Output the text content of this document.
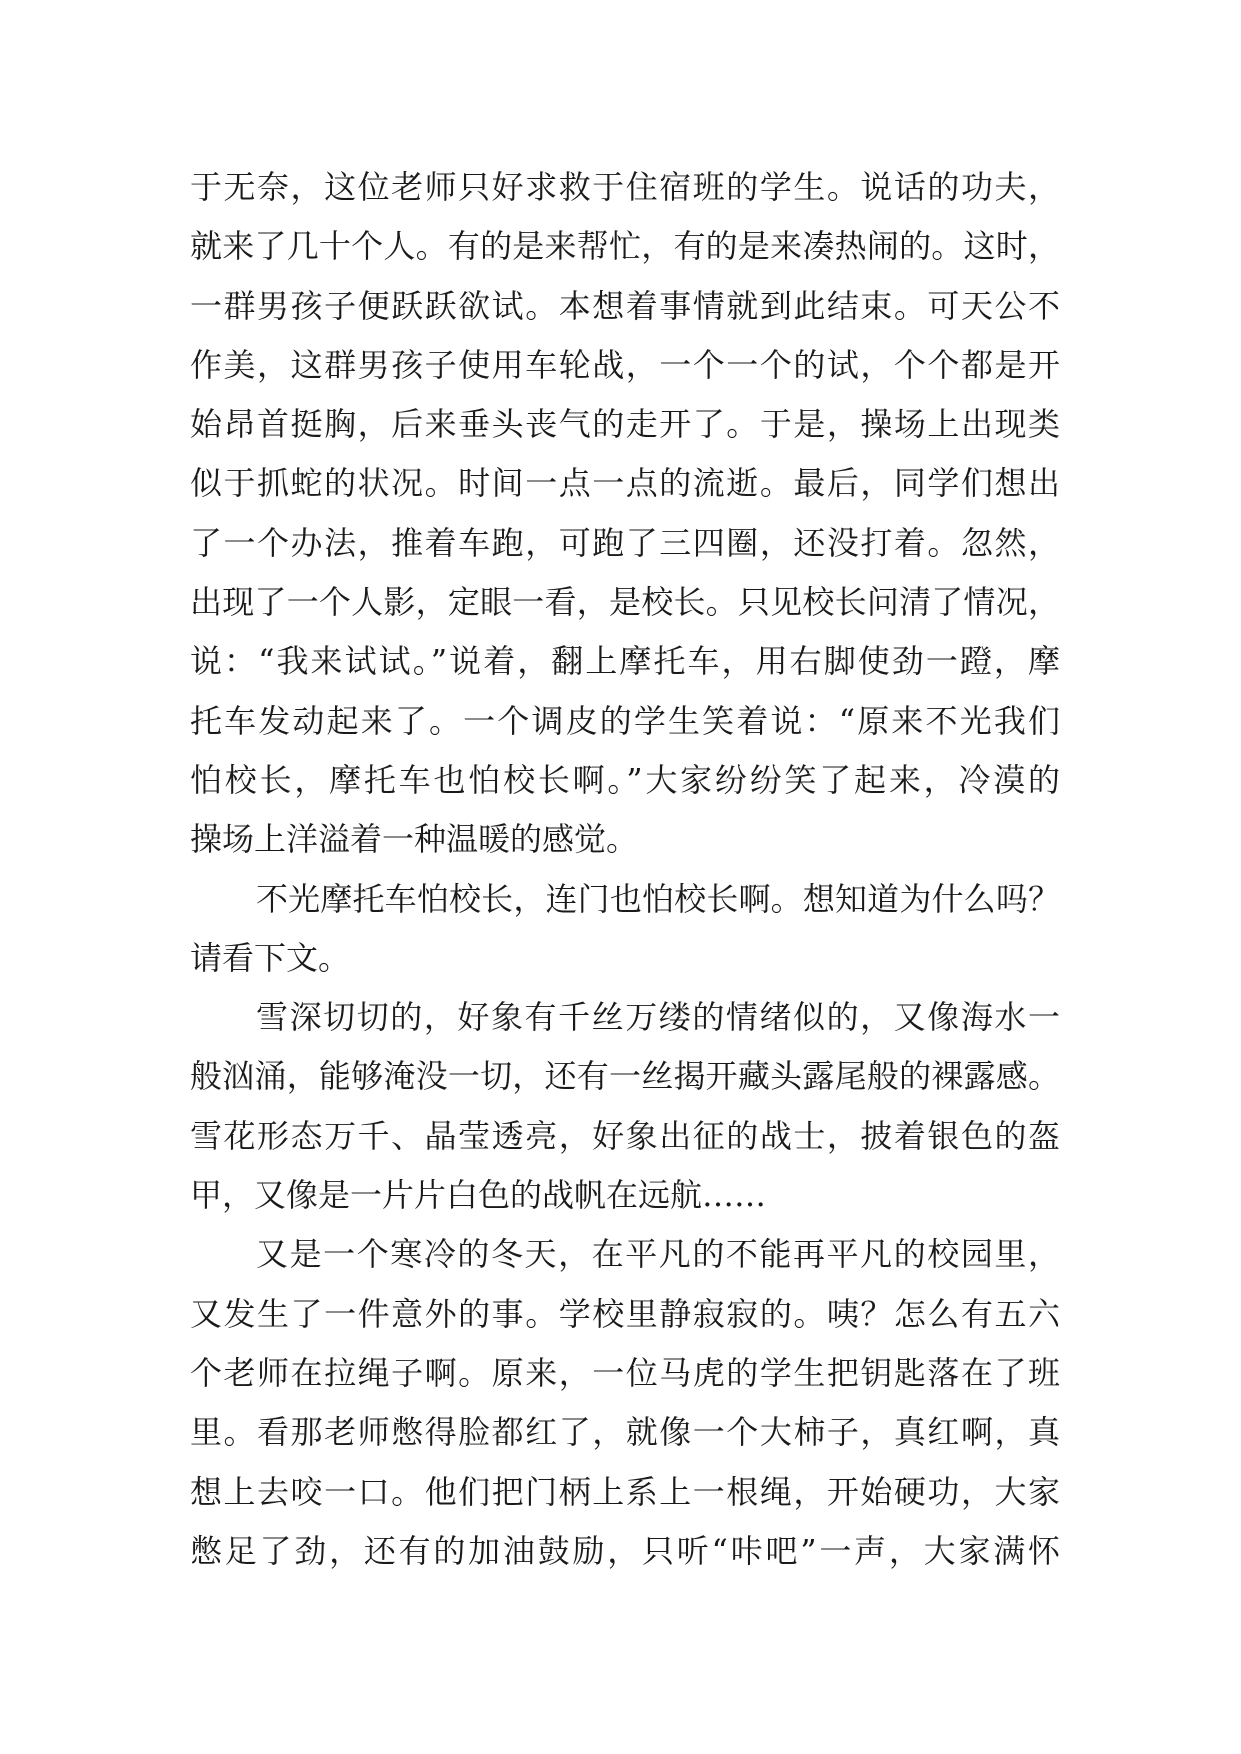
于无奈，这位老师只好求救于住宿班的学生。说话的功夫，
就来了几十个人。有的是来帮忙，有的是来凑热闹的。这时，
一群男孩子便跃跃欲试。本想着事情就到此结束。可天公不
作美，这群男孩子使用车轮战，一个一个的试，个个都是开
始昂首挺胸，后来垂头丧气的走开了。于是，操场上出现类
似于抓蛇的状况。时间一点一点的流逝。最后，同学们想出
了一个办法，推着车跑，可跑了三四圈，还没打着。忽然，
出现了一个人影，定眼一看，是校长。只见校长问清了情况，
说：“我来试试。”说着，翻上摩托车，用右脚使劲一蹬，摩
托车发动起来了。一个调皮的学生笑着说：“原来不光我们
怕校长，摩托车也怕校长啊。”大家纷纷笑了起来，冷漠的
操场上洋溢着一种温暖的感觉。
不光摩托车怕校长，连门也怕校长啊。想知道为什么吗？
请看下文。
雪深切切的，好象有千丝万缕的情绪似的，又像海水一
般汹涌，能够淹没一切，还有一丝揭开藏头露尾般的裸露感。
雪花形态万千、晶莹透亮，好象出征的战士，披着银色的盔
甲，又像是一片片白色的战帆在远航……
又是一个寒冷的冬天，在平凡的不能再平凡的校园里，
又发生了一件意外的事。学校里静寂寂的。咦？怎么有五六
个老师在拉绳子啊。原来，一位马虎的学生把钥匙落在了班
里。看那老师憋得脸都红了，就像一个大柿子，真红啊，真
想上去咬一口。他们把门柄上系上一根绳，开始硬功，大家
憋足了劲，还有的加油鼓励，只听“咔吧”一声，大家满怀
